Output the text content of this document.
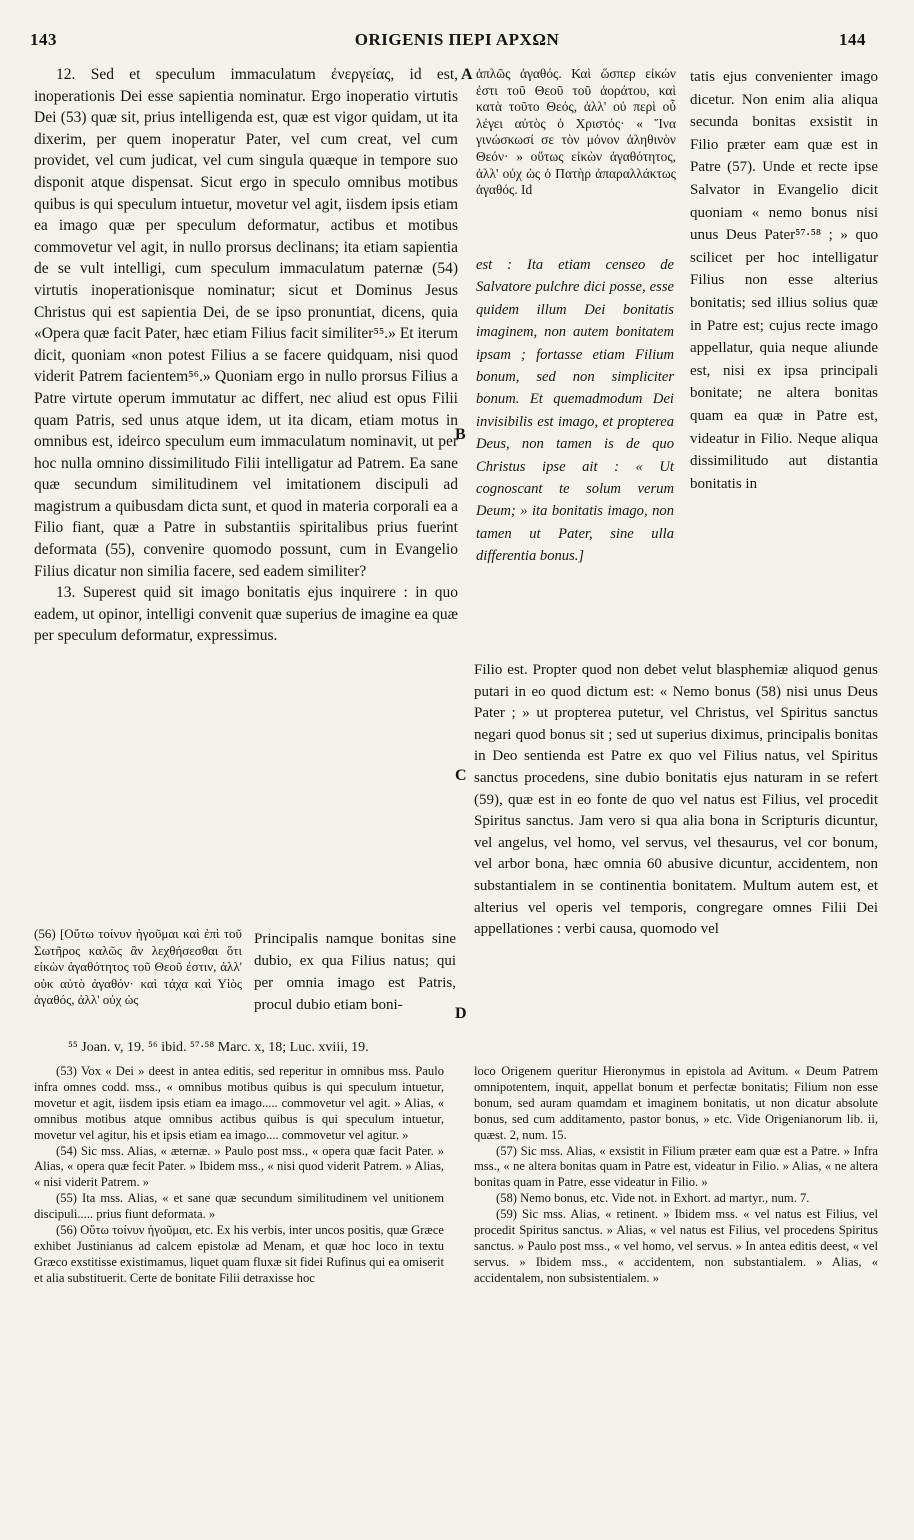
143	ORIGENIS ΠΕΡΙ ΑΡΧΩΝ	144

12. Sed et speculum immaculatum ἐνεργείας, id est, inoperationis Dei esse sapientia nominatur. Ergo inoperatio virtutis Dei (53) quæ sit, prius intelligenda est, quæ est vigor quidam, ut ita dixerim, per quem inoperatur Pater, vel cum creat, vel cum providet, vel cum judicat, vel cum singula quæque in tempore suo disponit atque dispensat. Sicut ergo in speculo omnibus motibus quibus is qui speculum intuetur, movetur vel agit, iisdem ipsis etiam ea imago quæ per speculum deformatur, actibus et motibus commovetur vel agit, in nullo prorsus declinans; ita etiam sapientia de se vult intelligi, cum speculum immaculatum paternæ (54) virtutis inoperationisque nominatur; sicut et Dominus Jesus Christus qui est sapientia Dei, de se ipso pronuntiat, dicens, quia «Opera quæ facit Pater, hæc etiam Filius facit similiter⁵⁵.» Et iterum dicit, quoniam «non potest Filius a se facere quidquam, nisi quod viderit Patrem facientem⁵⁶.» Quoniam ergo in nullo prorsus Filius a Patre virtute operum immutatur ac differt, nec aliud est opus Filii quam Patris, sed unus atque idem, ut ita dicam, etiam motus in omnibus est, ideirco speculum eum immaculatum nominavit, ut per hoc nulla omnino dissimilitudo Filii intelligatur ad Patrem. Ea sane quæ secundum similitudinem vel imitationem discipuli ad magistrum a quibusdam dicta sunt, et quod in materia corporali ea a Filio fiant, quæ a Patre in substantiis spiritalibus prius fuerint deformata (55), convenire quomodo possunt, cum in Evangelio Filius dicatur non similia facere, sed eadem similiter?

13. Superest quid sit imago bonitatis ejus inquirere : in quo eadem, ut opinor, intelligi convenit quæ superius de imagine ea quæ per speculum deformatur, expressimus.

(56) [Οὕτω τοίνυν ἡγοῦμαι καὶ ἐπὶ τοῦ Σωτῆρος καλῶς ἂν λεχθήσεσθαι ὅτι εἰκὼν ἀγαθότητος τοῦ Θεοῦ ἐστιν, ἀλλ' οὐκ αὐτὸ ἀγαθόν· καὶ τάχα καὶ Υἱὸς ἀγαθός, ἀλλ' οὐχ ὡς

Principalis namque bonitas sine dubio, ex qua Filius natus; qui per omnia imago est Patris, procul dubio etiam boni-

A
B
C
D

ἁπλῶς ἀγαθός. Καὶ ὥσπερ εἰκών ἐστι τοῦ Θεοῦ τοῦ ἀοράτου, καὶ κατὰ τοῦτο Θεός, ἀλλ' οὐ περὶ οὗ λέγει αὐτὸς ὁ Χριστός· « Ἵνα γινώσκωσί σε τὸν μόνον ἀληθινὸν Θεόν· » οὕτως εἰκὼν ἀγαθότητος, ἀλλ' οὐχ ὡς ὁ Πατὴρ ἀπαραλλάκτως ἀγαθός. Id

est : Ita etiam censeo de Salvatore pulchre dici posse, esse quidem illum Dei bonitatis imaginem, non autem bonitatem ipsam ; fortasse etiam Filium bonum, sed non simpliciter bonum. Et quemadmodum Dei invisibilis est imago, et propterea Deus, non tamen is de quo Christus ipse ait : « Ut cognoscant te solum verum Deum; » ita bonitatis imago, non tamen ut Pater, sine ulla differentia bonus.]

tatis ejus convenienter imago dicetur. Non enim alia aliqua secunda bonitas exsistit in Filio præter eam quæ est in Patre (57). Unde et recte ipse Salvator in Evangelio dicit quoniam « nemo bonus nisi unus Deus Pater⁵⁷·⁵⁸ ; » quo scilicet per hoc intelligatur Filius non esse alterius bonitatis; sed illius solius quæ in Patre est; cujus recte imago appellatur, quia neque aliunde est, nisi ex ipsa principali bonitate; ne altera bonitas quam ea quæ in Patre est, videatur in Filio. Neque aliqua dissimilitudo aut distantia bonitatis in

Filio est. Propter quod non debet velut blasphemiæ aliquod genus putari in eo quod dictum est: « Nemo bonus (58) nisi unus Deus Pater ; » ut propterea putetur, vel Christus, vel Spiritus sanctus negari quod bonus sit ; sed ut superius diximus, principalis bonitas in Deo sentienda est Patre ex quo vel Filius natus, vel Spiritus sanctus procedens, sine dubio bonitatis ejus naturam in se refert (59), quæ est in eo fonte de quo vel natus est Filius, vel procedit Spiritus sanctus. Jam vero si qua alia bona in Scripturis dicuntur, vel angelus, vel homo, vel servus, vel thesaurus, vel cor bonum, vel arbor bona, hæc omnia 60 abusive dicuntur, accidentem, non substantialem in se continentia bonitatem. Multum autem est, et alterius vel operis vel temporis, congregare omnes Filii Dei appellationes : verbi causa, quomodo vel

⁵⁵ Joan. v, 19. ⁵⁶ ibid. ⁵⁷·⁵⁸ Marc. x, 18; Luc. xviii, 19.

(53) Vox « Dei » deest in antea editis, sed reperitur in omnibus mss. Paulo infra omnes codd. mss., « omnibus motibus quibus is qui speculum intuetur, movetur et agit, iisdem ipsis etiam ea imago..... commovetur vel agit. » Alias, « omnibus motibus atque omnibus actibus quibus is qui speculum intuetur, movetur vel agitur, his et ipsis etiam ea imago.... commovetur vel agitur. »

(54) Sic mss. Alias, « æternæ. » Paulo post mss., « opera quæ facit Pater. » Alias, « opera quæ fecit Pater. » Ibidem mss., « nisi quod viderit Patrem. » Alias, « nisi viderit Patrem. »

(55) Ita mss. Alias, « et sane quæ secundum similitudinem vel unitionem discipuli..... prius fiunt deformata. »

(56) Οὕτω τοίνυν ἡγοῦμαι, etc. Ex his verbis, inter uncos positis, quæ Græce exhibet Justinianus ad calcem epistolæ ad Menam, et quæ hoc loco in textu Græco exstitisse existimamus, liquet quam fluxæ sit fidei Rufinus qui ea omiserit et alia substituerit. Certe de bonitate Filii detraxisse hoc

loco Origenem queritur Hieronymus in epistola ad Avitum. « Deum Patrem omnipotentem, inquit, appellat bonum et perfectæ bonitatis; Filium non esse bonum, sed auram quamdam et imaginem bonitatis, ut non dicatur absolute bonus, sed cum additamento, pastor bonus, » etc. Vide Origenianorum lib. ii, quæst. 2, num. 15.

(57) Sic mss. Alias, « exsistit in Filium præter eam quæ est a Patre. » Infra mss., « ne altera bonitas quam in Patre est, videatur in Filio. » Alias, « ne altera bonitas quam in Patre, esse videatur in Filio. »

(58) Nemo bonus, etc. Vide not. in Exhort. ad martyr., num. 7.

(59) Sic mss. Alias, « retinent. » Ibidem mss. « vel natus est Filius, vel procedit Spiritus sanctus. » Alias, « vel natus est Filius, vel procedens Spiritus sanctus. » Paulo post mss., « vel homo, vel servus. » In antea editis deest, « vel servus. » Ibidem mss., « accidentem, non substantialem. » Alias, « accidentalem, non subsistentialem. »
